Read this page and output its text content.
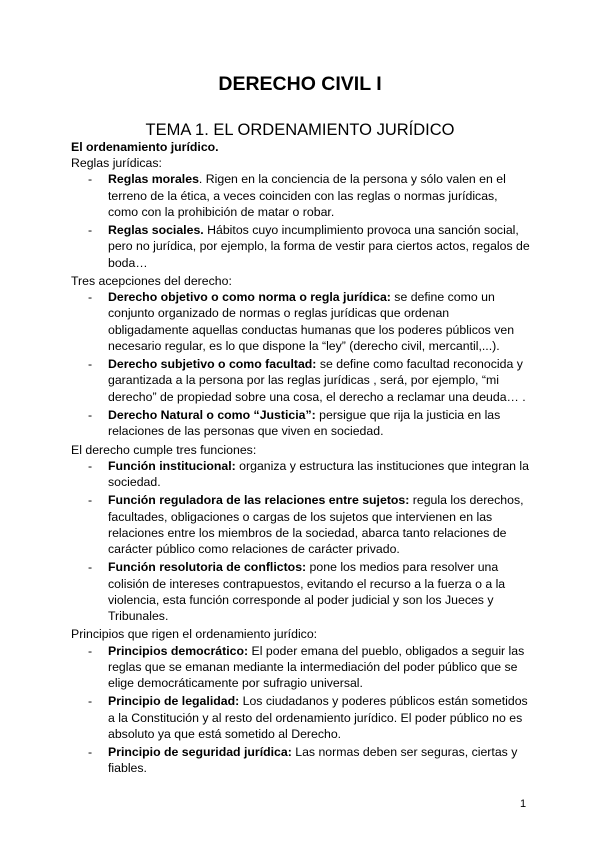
DERECHO CIVIL I
TEMA 1. EL ORDENAMIENTO JURÍDICO

El ordenamiento jurídico.

Reglas jurídicas:

- Reglas morales. Rigen en la conciencia de la persona y sólo valen en el terreno de la ética, a veces coinciden con las reglas o normas jurídicas, como con la prohibición de matar o robar.
- Reglas sociales. Hábitos cuyo incumplimiento provoca una sanción social, pero no jurídica, por ejemplo, la forma de vestir para ciertos actos, regalos de boda…

Tres acepciones del derecho:

- Derecho objetivo o como norma o regla jurídica: se define como un conjunto organizado de normas o reglas jurídicas que ordenan obligadamente aquellas conductas humanas que los poderes públicos ven necesario regular, es lo que dispone la “ley” (derecho civil, mercantil,...).
- Derecho subjetivo o como facultad: se define como facultad reconocida y garantizada a la persona por las reglas jurídicas , será, por ejemplo, “mi derecho” de propiedad sobre una cosa, el derecho a reclamar una deuda… .
- Derecho Natural o como “Justicia”: persigue que rija la justicia en las relaciones de las personas que viven en sociedad.

El derecho cumple tres funciones:

- Función institucional: organiza y estructura las instituciones que integran la sociedad.
- Función reguladora de las relaciones entre sujetos: regula los derechos, facultades, obligaciones o cargas de los sujetos que intervienen en las relaciones entre los miembros de la sociedad, abarca tanto relaciones de carácter público como relaciones de carácter privado.
- Función resolutoria de conflictos: pone los medios para resolver una colisión de intereses contrapuestos, evitando el recurso a la fuerza o a la violencia, esta función corresponde al poder judicial y son los Jueces y Tribunales.

Principios que rigen el ordenamiento jurídico:

- Principios democrático: El poder emana del pueblo, obligados a seguir las reglas que se emanan mediante la intermediación del poder público que se elige democráticamente por sufragio universal.
- Principio de legalidad: Los ciudadanos y poderes públicos están sometidos a la Constitución y al resto del ordenamiento jurídico. El poder público no es absoluto ya que está sometido al Derecho.
- Principio de seguridad jurídica: Las normas deben ser seguras, ciertas y fiables.
1
